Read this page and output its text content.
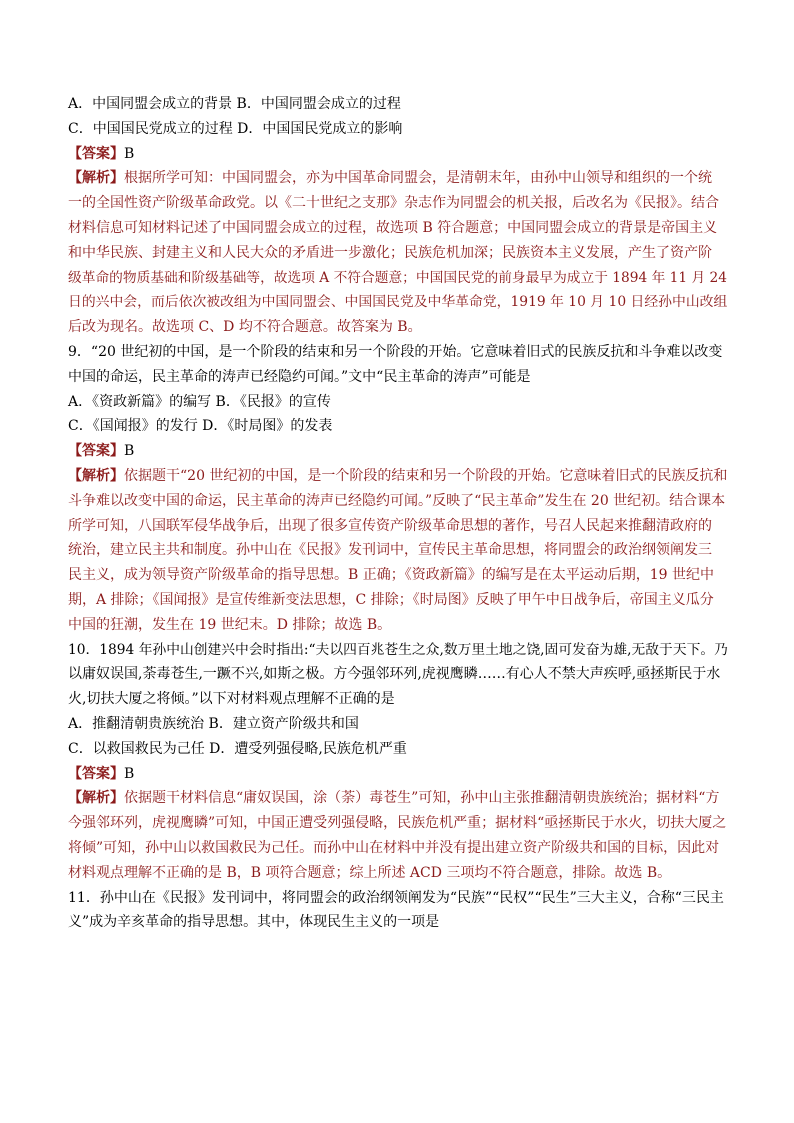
A．中国同盟会成立的背景 B．中国同盟会成立的过程
C．中国国民党成立的过程 D．中国国民党成立的影响
【答案】B
【解析】根据所学可知：中国同盟会，亦为中国革命同盟会，是清朝末年，由孙中山领导和组织的一个统
一的全国性资产阶级革命政党。以《二十世纪之支那》杂志作为同盟会的机关报，后改名为《民报》。结合
材料信息可知材料记述了中国同盟会成立的过程，故选项 B 符合题意；中国同盟会成立的背景是帝国主义
和中华民族、封建主义和人民大众的矛盾进一步激化；民族危机加深；民族资本主义发展，产生了资产阶
级革命的物质基础和阶级基础等，故选项 A 不符合题意；中国国民党的前身最早为成立于 1894 年 11 月 24
日的兴中会，而后依次被改组为中国同盟会、中国国民党及中华革命党，1919 年 10 月 10 日经孙中山改组
后改为现名。故选项 C、D 均不符合题意。故答案为 B。
9．“20 世纪初的中国，是一个阶段的结束和另一个阶段的开始。它意味着旧式的民族反抗和斗争难以改变
中国的命运，民主革命的涛声已经隐约可闻。”文中“民主革命的涛声”可能是
A．《资政新篇》的编写 B．《民报》的宣传
C．《国闻报》的发行 D．《时局图》的发表
【答案】B
【解析】依据题干“20 世纪初的中国，是一个阶段的结束和另一个阶段的开始。它意味着旧式的民族反抗和
斗争难以改变中国的命运，民主革命的涛声已经隐约可闻。”反映了“民主革命”发生在 20 世纪初。结合课本
所学可知，八国联军侵华战争后，出现了很多宣传资产阶级革命思想的著作，号召人民起来推翻清政府的
统治，建立民主共和制度。孙中山在《民报》发刊词中，宣传民主革命思想，将同盟会的政治纲领阐发三
民主义，成为领导资产阶级革命的指导思想。B 正确；《资政新篇》的编写是在太平运动后期，19 世纪中
期，A 排除；《国闻报》是宣传维新变法思想，C 排除；《时局图》反映了甲午中日战争后，帝国主义瓜分
中国的狂潮，发生在 19 世纪末。D 排除；故选 B。
10．1894 年孙中山创建兴中会时指出:“夫以四百兆苍生之众,数万里土地之饶,固可发奋为雄,无敌于天下。乃
以庸奴误国,荼毒苍生,一蹶不兴,如斯之极。方今强邻环列,虎视鹰瞵……有心人不禁大声疾呼,亟拯斯民于水
火,切扶大厦之将倾。”以下对材料观点理解不正确的是
A．推翻清朝贵族统治 B．建立资产阶级共和国
C．以救国救民为己任 D．遭受列强侵略,民族危机严重
【答案】B
【解析】依据题干材料信息“庸奴误国，涂（荼）毒苍生”可知，孙中山主张推翻清朝贵族统治；据材料“方
今强邻环列，虎视鹰瞵”可知，中国正遭受列强侵略，民族危机严重；据材料“亟拯斯民于水火，切扶大厦之
将倾”可知，孙中山以救国救民为己任。而孙中山在材料中并没有提出建立资产阶级共和国的目标，因此对
材料观点理解不正确的是 B，B 项符合题意；综上所述 ACD 三项均不符合题意，排除。故选 B。
11．孙中山在《民报》发刊词中，将同盟会的政治纲领阐发为“民族”“民权”“民生”三大主义，合称“三民主
义”成为辛亥革命的指导思想。其中，体现民生主义的一项是
